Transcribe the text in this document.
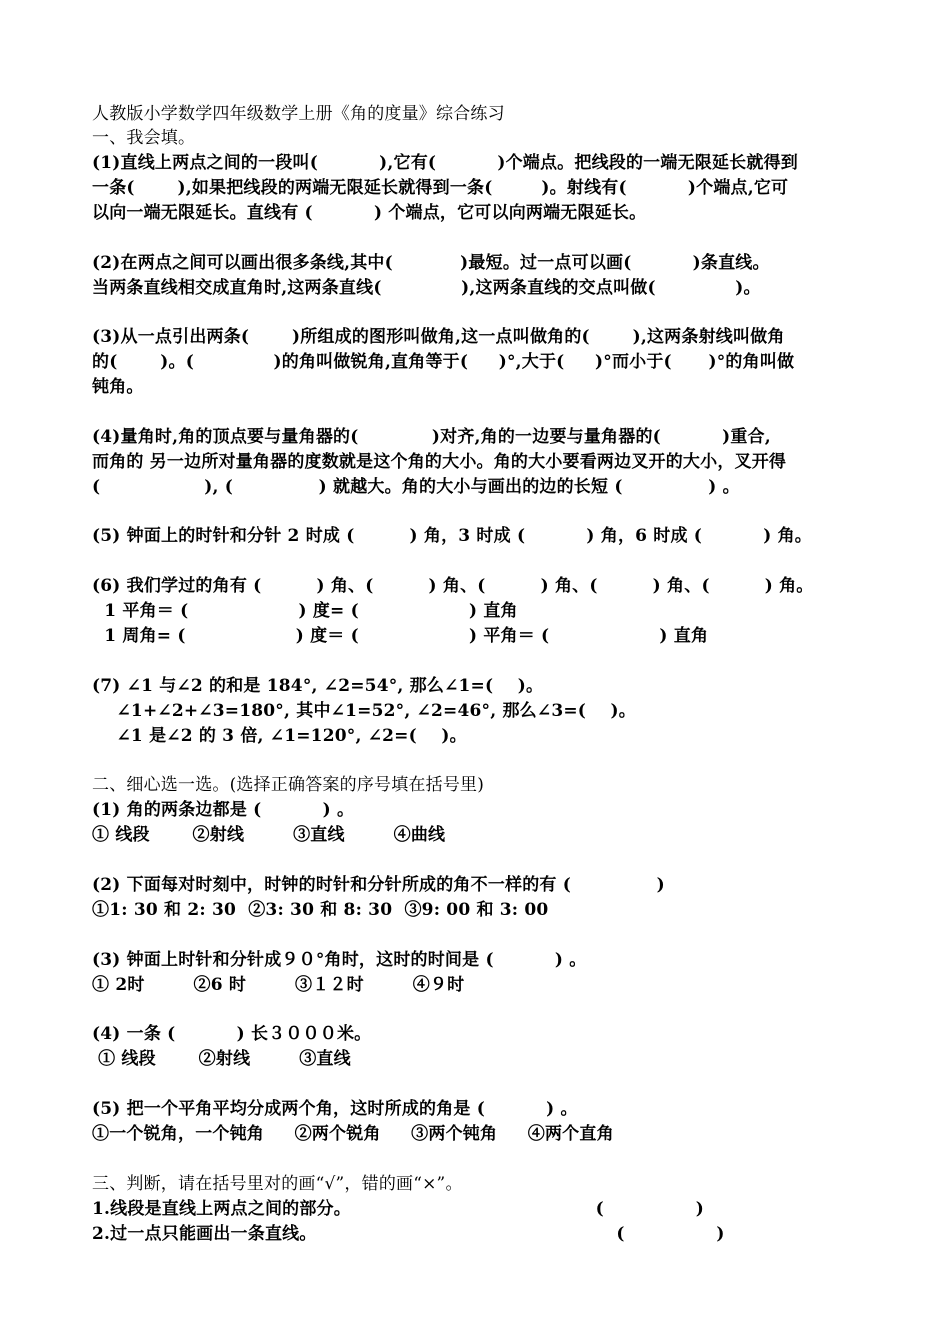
人教版小学数学四年级数学上册《角的度量》综合练习
一、我会填。
(1)直线上两点之间的一段叫(          ),它有(          )个端点。把线段的一端无限延长就得到
一条(       ),如果把线段的两端无限延长就得到一条(        )。射线有(          )个端点,它可
以向一端无限延长。直线有 (          ) 个端点，它可以向两端无限延长。
(2)在两点之间可以画出很多条线,其中(           )最短。过一点可以画(          )条直线。
当两条直线相交成直角时,这两条直线(             ),这两条直线的交点叫做(             )。
(3)从一点引出两条(       )所组成的图形叫做角,这一点叫做角的(       ),这两条射线叫做角
的(       )。(             )的角叫做锐角,直角等于(     )°,大于(     )°而小于(      )°的角叫做
钝角。
(4)量角时,角的顶点要与量角器的(            )对齐,角的一边要与量角器的(          )重合,
而角的 另一边所对量角器的度数就是这个角的大小。角的大小要看两边叉开的大小，叉开得
(                 ), (              ) 就越大。角的大小与画出的边的长短 (              ) 。
(5) 钟面上的时针和分针 2 时成 (         ) 角，3 时成 (          ) 角，6 时成 (          ) 角。
(6) 我们学过的角有 (         ) 角、(         ) 角、(         ) 角、(         ) 角、(         ) 角。
1 平角＝ (                  ) 度= (                  ) 直角
1 周角= (                  ) 度＝ (                  ) 平角＝ (                  ) 直角
(7) ∠1 与∠2 的和是 184°, ∠2=54°, 那么∠1=(    )。
∠1+∠2+∠3=180°, 其中∠1=52°, ∠2=46°, 那么∠3=(    )。
∠1 是∠2 的 3 倍, ∠1=120°, ∠2=(    )。
二、细心选一选。(选择正确答案的序号填在括号里)
(1) 角的两条边都是 (          ) 。
① 线段       ②射线        ③直线        ④曲线
(2) 下面每对时刻中，时钟的时针和分针所成的角不一样的有 (              )
①1: 30 和 2: 30  ②3: 30 和 8: 30  ③9: 00 和 3: 00
(3) 钟面上时针和分针成９０°角时，这时的时间是 (          ) 。
① 2时        ②6 时        ③１２时        ④９时
(4) 一条 (          ) 长３０００米。
① 线段       ②射线        ③直线
(5) 把一个平角平均分成两个角，这时所成的角是 (          ) 。
①一个锐角，一个钝角     ②两个锐角     ③两个钝角     ④两个直角
三、判断，请在括号里对的画“√”，错的画“×”。
1.线段是直线上两点之间的部分。                                        (               )
2.过一点只能画出一条直线。                                                 (               )
